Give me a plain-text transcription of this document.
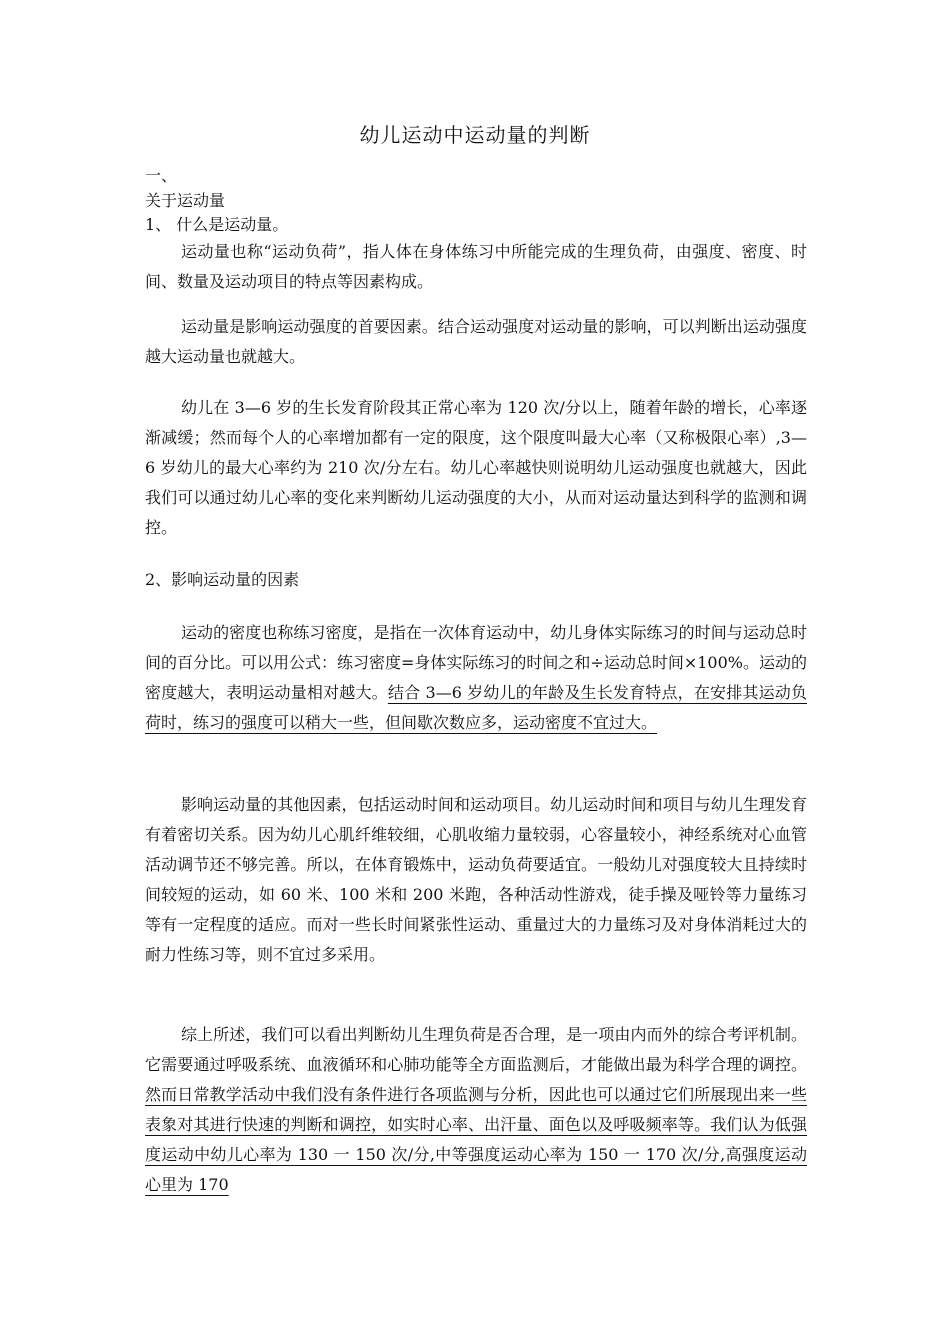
幼儿运动中运动量的判断
一、
关于运动量
1、 什么是运动量。
运动量也称“运动负荷”，指人体在身体练习中所能完成的生理负荷，由强度、密度、时间、数量及运动项目的特点等因素构成。
运动量是影响运动强度的首要因素。结合运动强度对运动量的影响，可以判断出运动强度越大运动量也就越大。
幼儿在 3—6 岁的生长发育阶段其正常心率为 120 次/分以上，随着年龄的增长，心率逐渐减缓；然而每个人的心率增加都有一定的限度，这个限度叫最大心率（又称极限心率）,3—6 岁幼儿的最大心率约为 210 次/分左右。幼儿心率越快则说明幼儿运动强度也就越大，因此我们可以通过幼儿心率的变化来判断幼儿运动强度的大小，从而对运动量达到科学的监测和调控。
2、影响运动量的因素
运动的密度也称练习密度，是指在一次体育运动中，幼儿身体实际练习的时间与运动总时间的百分比。可以用公式：练习密度=身体实际练习的时间之和÷运动总时间×100%。运动的密度越大，表明运动量相对越大。结合 3—6 岁幼儿的年龄及生长发育特点，在安排其运动负荷时，练习的强度可以稍大一些，但间歇次数应多，运动密度不宜过大。
影响运动量的其他因素，包括运动时间和运动项目。幼儿运动时间和项目与幼儿生理发育有着密切关系。因为幼儿心肌纤维较细，心肌收缩力量较弱，心容量较小，神经系统对心血管活动调节还不够完善。所以，在体育锻炼中，运动负荷要适宜。一般幼儿对强度较大且持续时间较短的运动，如 60 米、100 米和 200 米跑，各种活动性游戏，徒手操及哑铃等力量练习等有一定程度的适应。而对一些长时间紧张性运动、重量过大的力量练习及对身体消耗过大的耐力性练习等，则不宜过多采用。
综上所述，我们可以看出判断幼儿生理负荷是否合理，是一项由内而外的综合考评机制。它需要通过呼吸系统、血液循环和心肺功能等全方面监测后，才能做出最为科学合理的调控。然而日常教学活动中我们没有条件进行各项监测与分析，因此也可以通过它们所展现出来一些表象对其进行快速的判断和调控，如实时心率、出汗量、面色以及呼吸频率等。我们认为低强度运动中幼儿心率为 130 一 150 次/分,中等强度运动心率为 150 一 170 次/分,高强度运动心里为 170
